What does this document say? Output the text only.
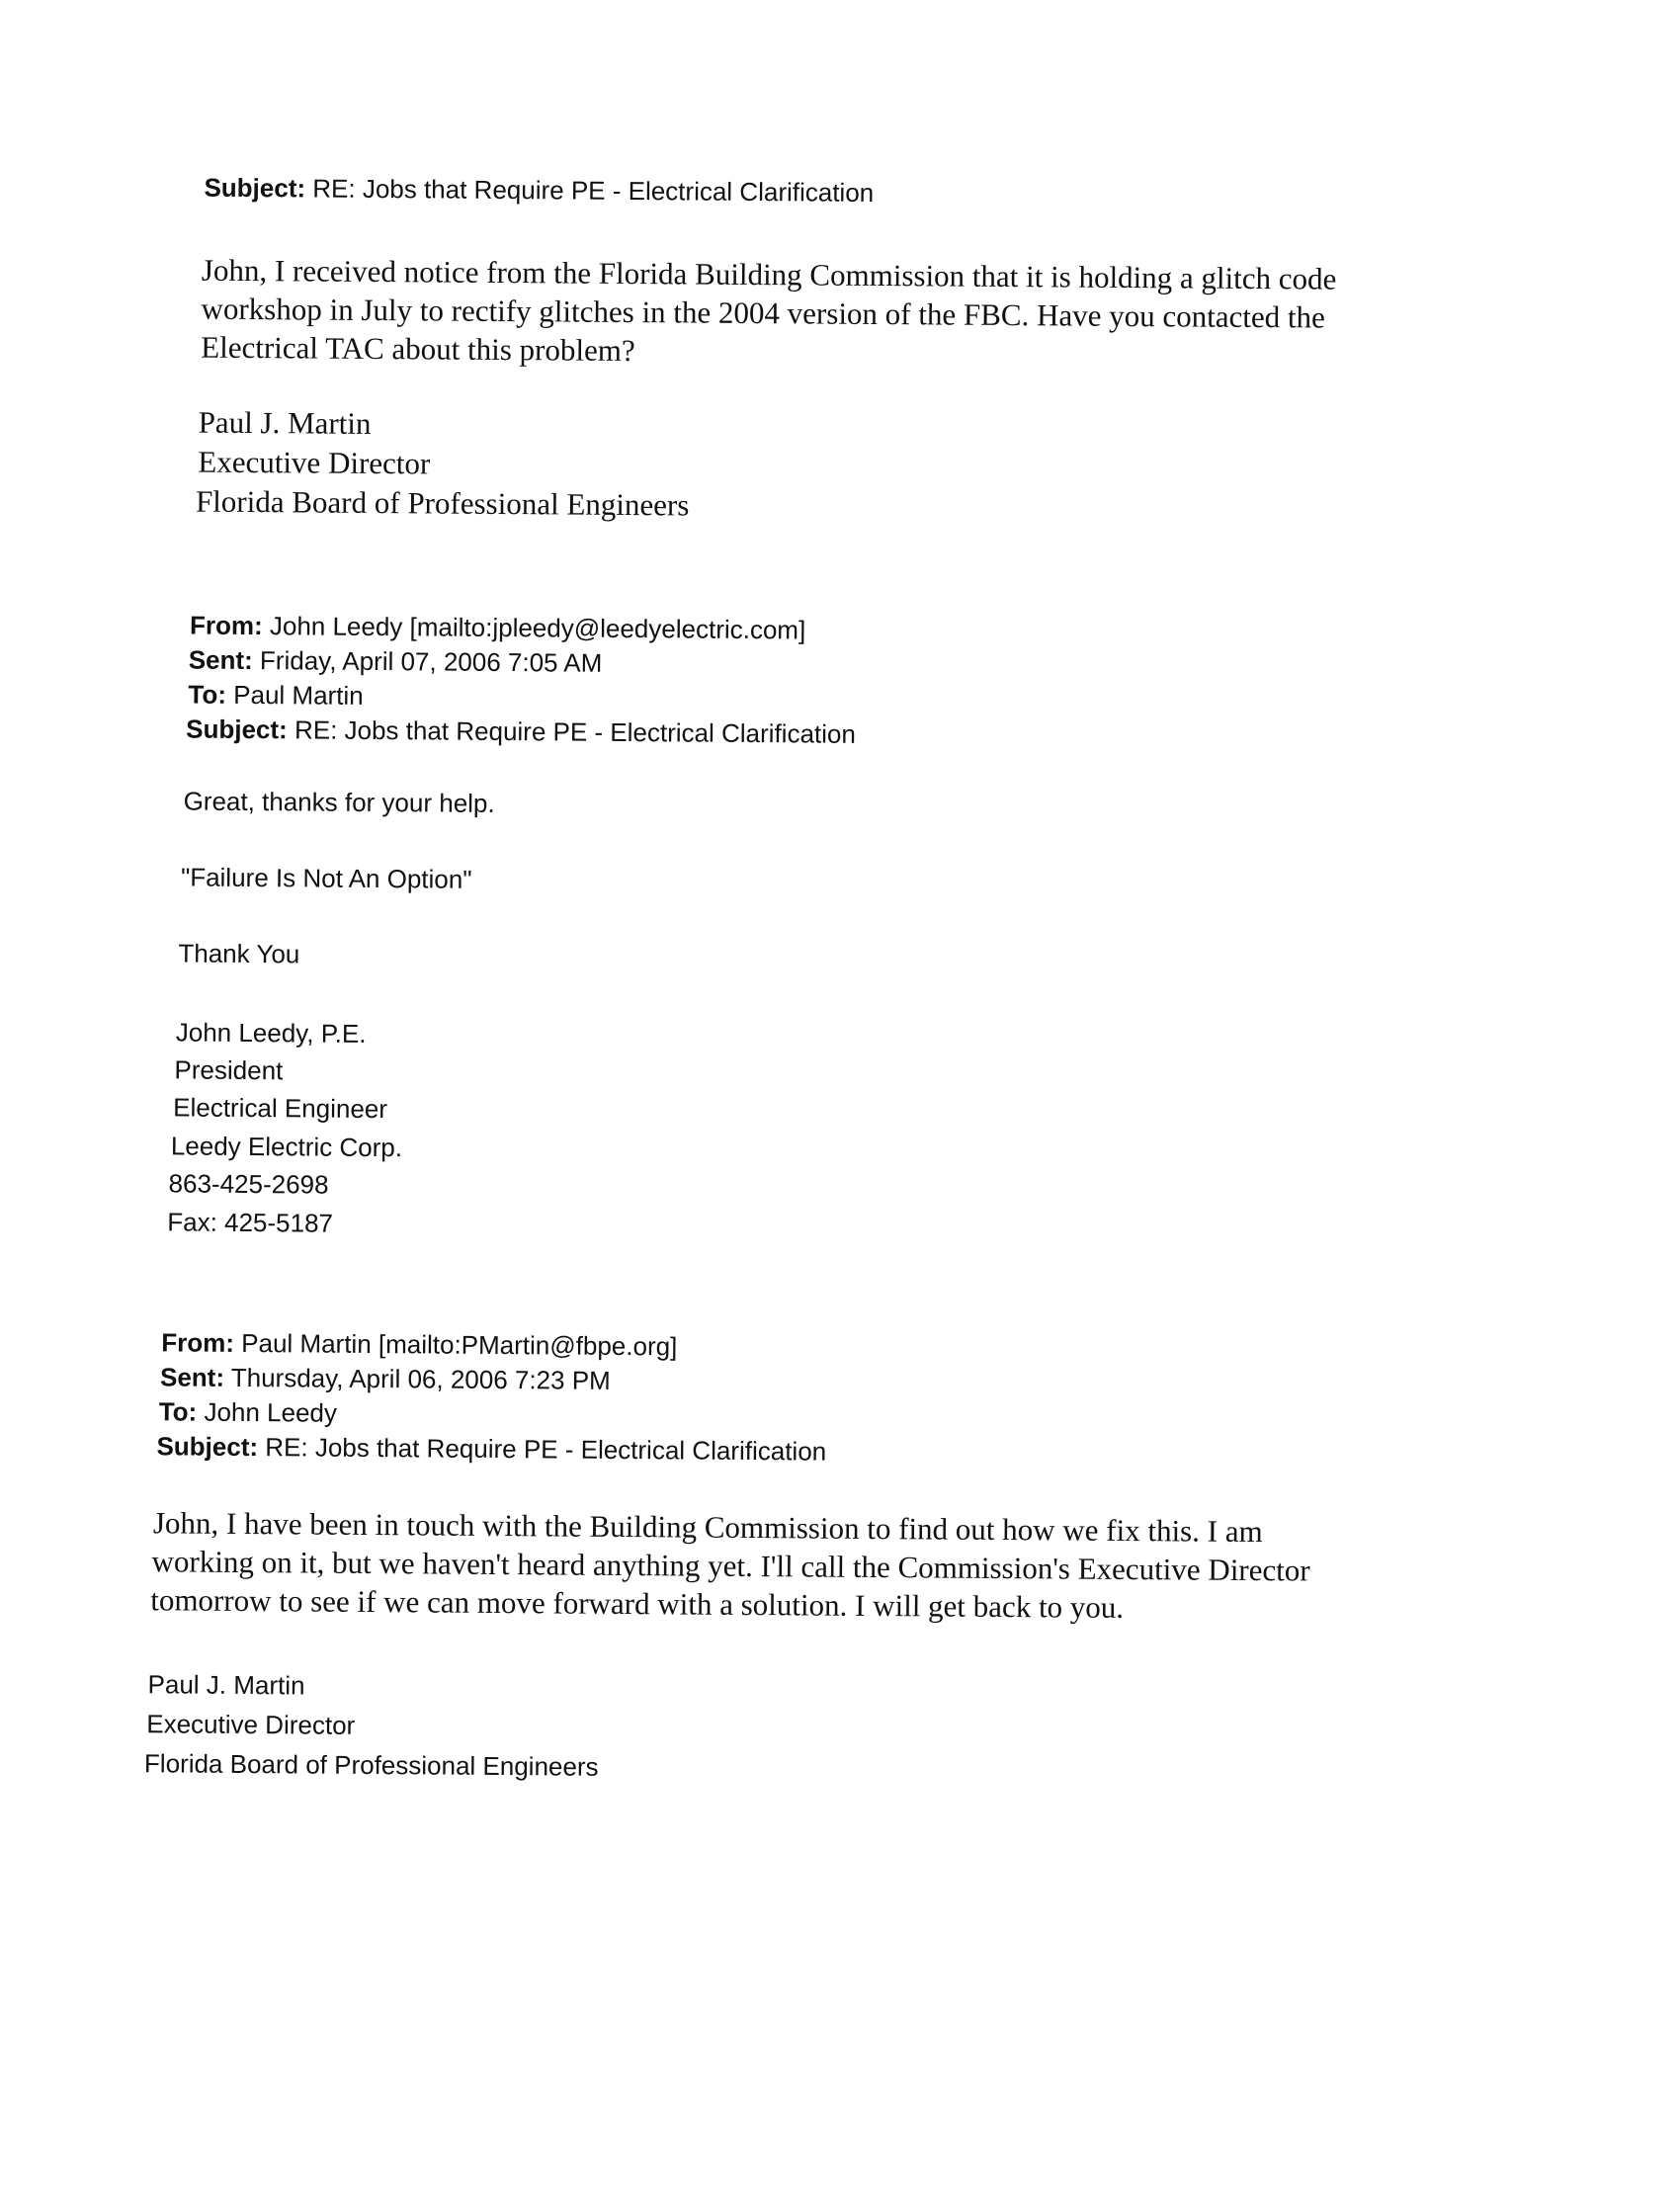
Subject: RE: Jobs that Require PE - Electrical Clarification
John, I received notice from the Florida Building Commission that it is holding a glitch code
workshop in July to rectify glitches in the 2004 version of the FBC. Have you contacted the
Electrical TAC about this problem?
Paul J. Martin
Executive Director
Florida Board of Professional Engineers
From: John Leedy [mailto:jpleedy@leedyelectric.com]
Sent: Friday, April 07, 2006 7:05 AM
To: Paul Martin
Subject: RE: Jobs that Require PE - Electrical Clarification
Great, thanks for your help.
"Failure Is Not An Option"
Thank You
John Leedy, P.E.
President
Electrical Engineer
Leedy Electric Corp.
863-425-2698
Fax: 425-5187
From: Paul Martin [mailto:PMartin@fbpe.org]
Sent: Thursday, April 06, 2006 7:23 PM
To: John Leedy
Subject: RE: Jobs that Require PE - Electrical Clarification
John, I have been in touch with the Building Commission to find out how we fix this. I am
working on it, but we haven't heard anything yet. I'll call the Commission's Executive Director
tomorrow to see if we can move forward with a solution. I will get back to you.
Paul J. Martin
Executive Director
Florida Board of Professional Engineers
